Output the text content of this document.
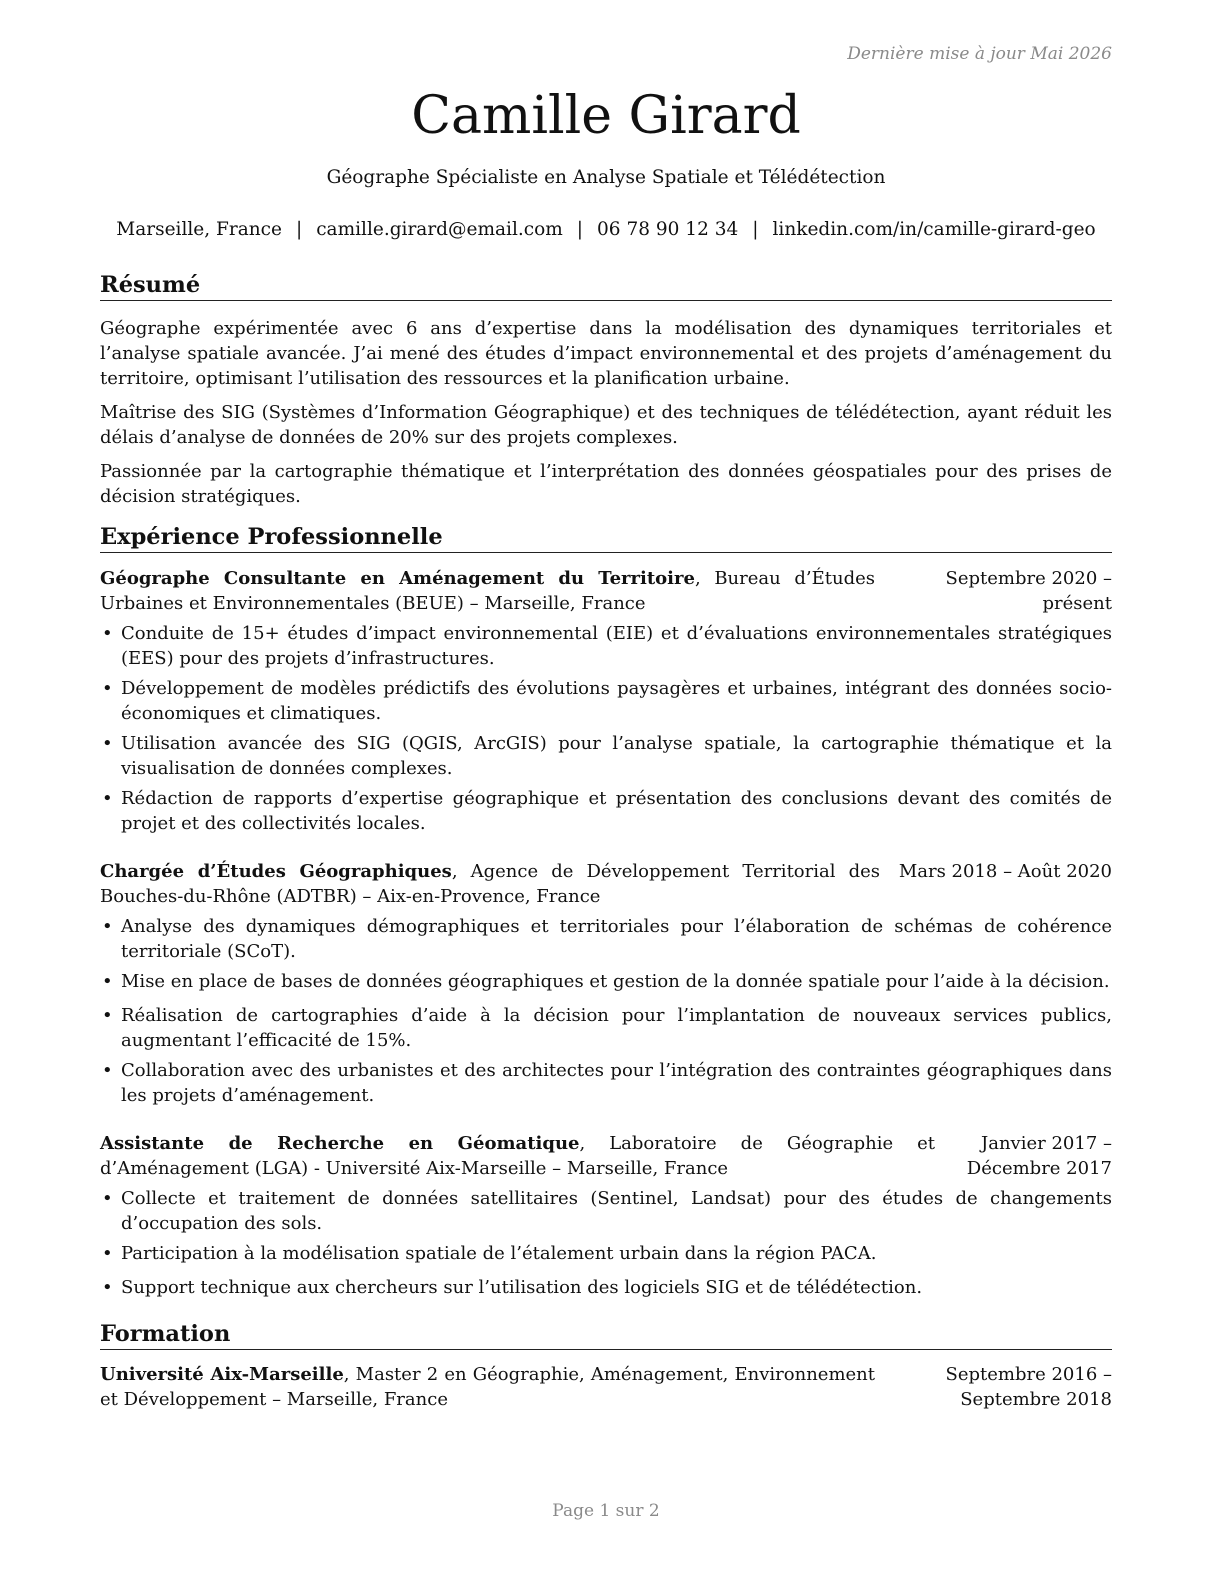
Dernière mise à jour Mai 2026
Camille Girard
Géographe Spécialiste en Analyse Spatiale et Télédétection
Marseille, France | camille.girard@email.com | 06 78 90 12 34 | linkedin.com/in/camille-girard-geo
Résumé

Géographe expérimentée avec 6 ans d’expertise dans la modélisation des dynamiques territoriales et l’analyse spatiale avancée. J’ai mené des études d’impact environnemental et des projets d’aménagement du territoire, optimisant l’utilisation des ressources et la planification urbaine.

Maîtrise des SIG (Systèmes d’Information Géographique) et des techniques de télédétection, ayant réduit les délais d’analyse de données de 20% sur des projets complexes.

Passionnée par la cartographie thématique et l’interprétation des données géospatiales pour des prises de décision stratégiques.

Expérience Professionnelle
Géographe Consultante en Aménagement du Territoire, Bureau d’Études Urbaines et Environnementales (BEUE) – Marseille, France
Septembre 2020 – présent
• Conduite de 15+ études d’impact environnemental (EIE) et d’évaluations environnementales stratégiques (EES) pour des projets d’infrastructures.
• Développement de modèles prédictifs des évolutions paysagères et urbaines, intégrant des données socio-économiques et climatiques.
• Utilisation avancée des SIG (QGIS, ArcGIS) pour l’analyse spatiale, la cartographie thématique et la visualisation de données complexes.
• Rédaction de rapports d’expertise géographique et présentation des conclusions devant des comités de projet et des collectivités locales.
Chargée d’Études Géographiques, Agence de Développement Territorial des Bouches-du-Rhône (ADTBR) – Aix-en-Provence, France
Mars 2018 – Août 2020
• Analyse des dynamiques démographiques et territoriales pour l’élaboration de schémas de cohérence territoriale (SCoT).
• Mise en place de bases de données géographiques et gestion de la donnée spatiale pour l’aide à la décision.
• Réalisation de cartographies d’aide à la décision pour l’implantation de nouveaux services publics, augmentant l’efficacité de 15%.
• Collaboration avec des urbanistes et des architectes pour l’intégration des contraintes géographiques dans les projets d’aménagement.
Assistante de Recherche en Géomatique, Laboratoire de Géographie et d’Aménagement (LGA) - Université Aix-Marseille – Marseille, France
Janvier 2017 – Décembre 2017
• Collecte et traitement de données satellitaires (Sentinel, Landsat) pour des études de changements d’occupation des sols.
• Participation à la modélisation spatiale de l’étalement urbain dans la région PACA.
• Support technique aux chercheurs sur l’utilisation des logiciels SIG et de télédétection.
Formation
Université Aix-Marseille, Master 2 en Géographie, Aménagement, Environnement et Développement – Marseille, France
Septembre 2016 – Septembre 2018
Page 1 sur 2
